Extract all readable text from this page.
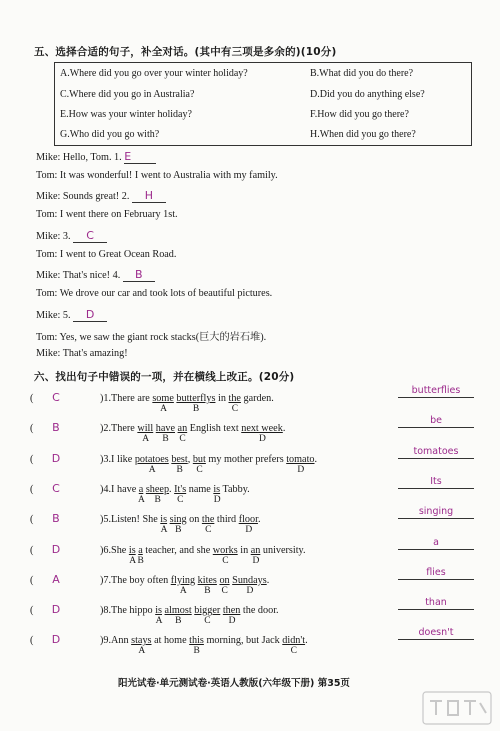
五、选择合适的句子，补全对话。(其中有三项是多余的)(10分)
A.Where did you go over your winter holiday?	B.What did you do there?
C.Where did you go in Australia?	D.Did you do anything else?
E.How was your winter holiday?	F.How did you go there?
G.Who did you go with?	H.When did you go there?
Mike: Hello, Tom. 1. E
Tom: It was wonderful! I went to Australia with my family.
Mike: Sounds great! 2. H
Tom: I went there on February 1st.
Mike: 3. C
Tom: I went to Great Ocean Road.
Mike: That's nice! 4. B
Tom: We drove our car and took lots of beautiful pictures.
Mike: 5. D
Tom: Yes, we saw the giant rock stacks(巨大的岩石堆).
Mike: That's amazing!
六、找出句子中错误的一项，并在横线上改正。(20分)
( C	)1.There are some butterflys in the garden.
A	B	C
butterflies
( B	)2.There will have an English text next week.
A B C	D
be
( D	)3.I like potatoes best, but my mother prefers tomato.
A B C	D
tomatoes
( C	)4.I have a sheep. It's name is Tabby.
A B C	D
Its
( B	)5.Listen! She is sing on the third floor.
A B C	D
singing
( D	)6.She is a teacher, and she works in an university.
A B	C	D
a
( A	)7.The boy often flying kites on Sundays.
A B C D
flies
( D	)8.The hippo is almost bigger then the door.
A B C D
than
( D	)9.Ann stays at home this morning, but Jack didn't.
A	B	C
doesn't
阳光试卷·单元测试卷·英语人教版(六年级下册) 第35页
